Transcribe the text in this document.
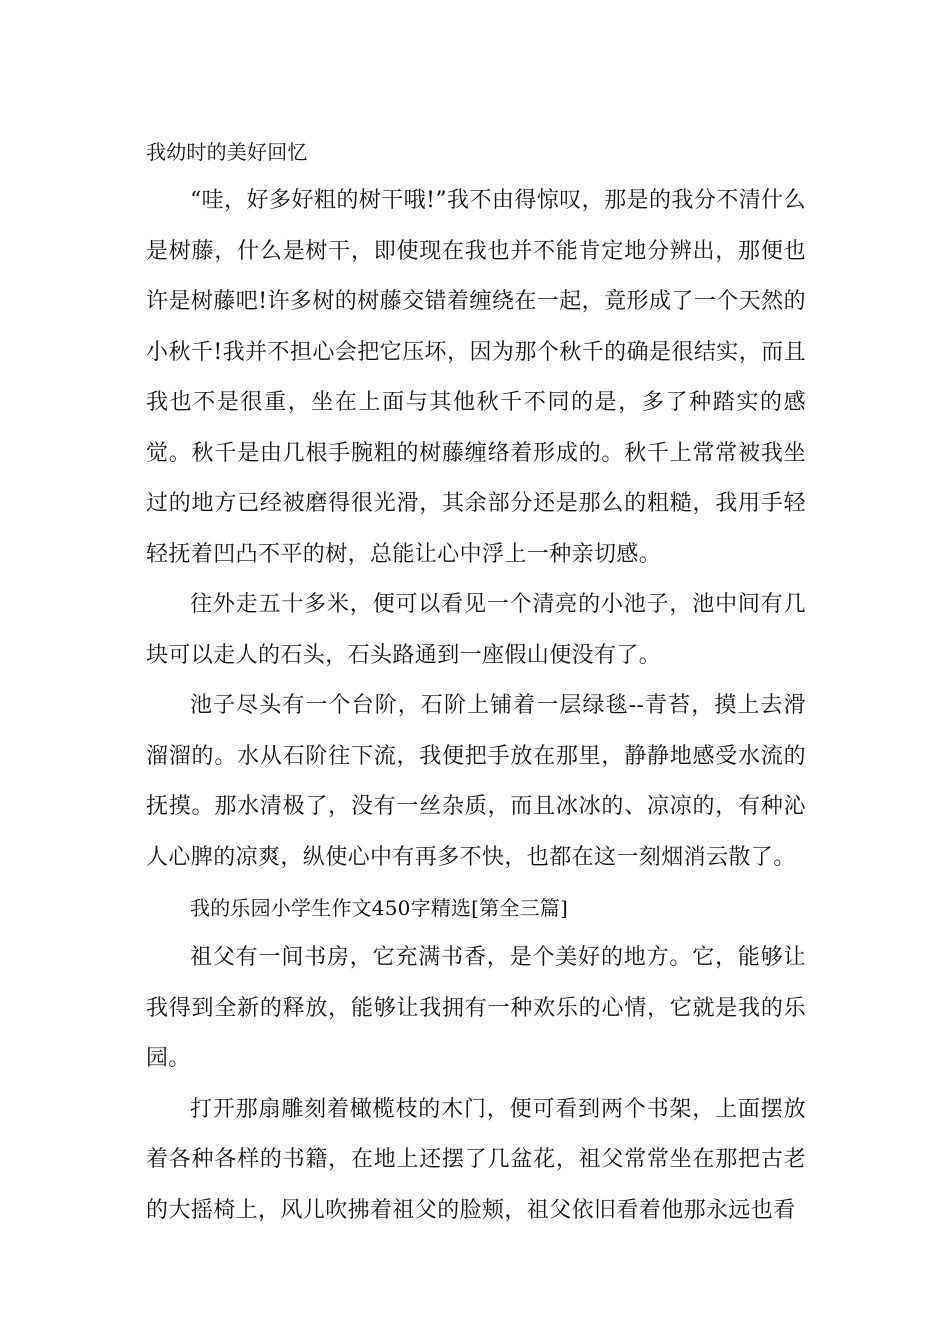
我幼时的美好回忆

“哇，好多好粗的树干哦!”我不由得惊叹，那是的我分不清什么是树藤，什么是树干，即使现在我也并不能肯定地分辨出，那便也许是树藤吧!许多树的树藤交错着缠绕在一起，竟形成了一个天然的小秋千!我并不担心会把它压坏，因为那个秋千的确是很结实，而且我也不是很重，坐在上面与其他秋千不同的是，多了种踏实的感觉。秋千是由几根手腕粗的树藤缠络着形成的。秋千上常常被我坐过的地方已经被磨得很光滑，其余部分还是那么的粗糙，我用手轻轻抚着凹凸不平的树，总能让心中浮上一种亲切感。

往外走五十多米，便可以看见一个清亮的小池子，池中间有几块可以走人的石头，石头路通到一座假山便没有了。

池子尽头有一个台阶，石阶上铺着一层绿毯--青苔，摸上去滑溜溜的。水从石阶往下流，我便把手放在那里，静静地感受水流的抚摸。那水清极了，没有一丝杂质，而且冰冰的、凉凉的，有种沁人心脾的凉爽，纵使心中有再多不快，也都在这一刻烟消云散了。

我的乐园小学生作文450字精选[第全三篇]

祖父有一间书房，它充满书香，是个美好的地方。它，能够让我得到全新的释放，能够让我拥有一种欢乐的心情，它就是我的乐园。

打开那扇雕刻着橄榄枝的木门，便可看到两个书架，上面摆放着各种各样的书籍，在地上还摆了几盆花，祖父常常坐在那把古老的大摇椅上，风儿吹拂着祖父的脸颊，祖父依旧看着他那永远也看
